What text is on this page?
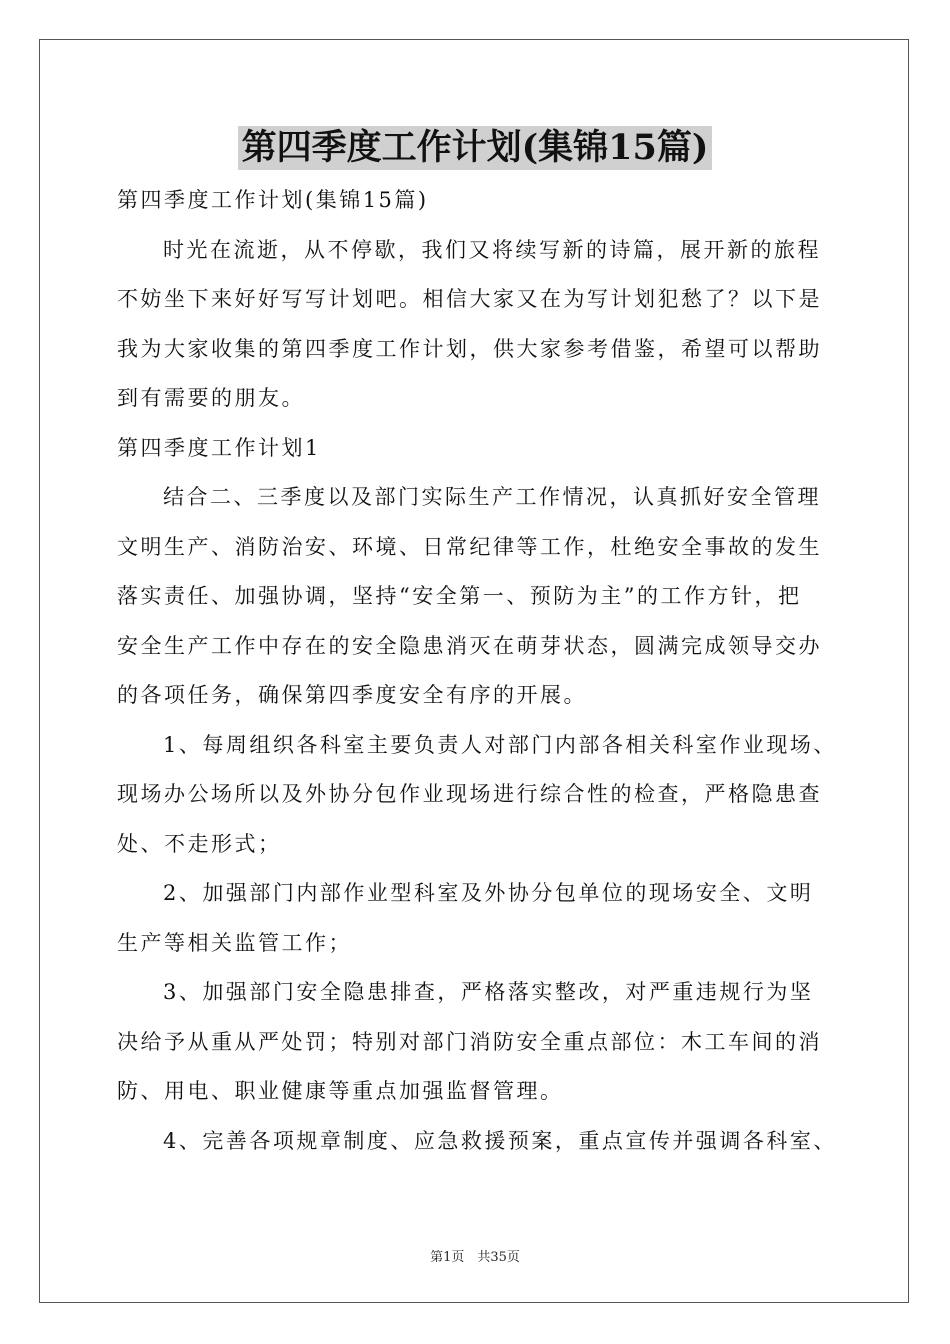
第四季度工作计划(集锦15篇)
第四季度工作计划(集锦15篇)
时光在流逝，从不停歇，我们又将续写新的诗篇，展开新的旅程
不妨坐下来好好写写计划吧。相信大家又在为写计划犯愁了？以下是
我为大家收集的第四季度工作计划，供大家参考借鉴，希望可以帮助
到有需要的朋友。
第四季度工作计划1
结合二、三季度以及部门实际生产工作情况，认真抓好安全管理
文明生产、消防治安、环境、日常纪律等工作，杜绝安全事故的发生
落实责任、加强协调，坚持“安全第一、预防为主”的工作方针，把
安全生产工作中存在的安全隐患消灭在萌芽状态，圆满完成领导交办
的各项任务，确保第四季度安全有序的开展。
1、每周组织各科室主要负责人对部门内部各相关科室作业现场、
现场办公场所以及外协分包作业现场进行综合性的检查，严格隐患查
处、不走形式；
2、加强部门内部作业型科室及外协分包单位的现场安全、文明
生产等相关监管工作；
3、加强部门安全隐患排查，严格落实整改，对严重违规行为坚
决给予从重从严处罚；特别对部门消防安全重点部位：木工车间的消
防、用电、职业健康等重点加强监督管理。
4、完善各项规章制度、应急救援预案，重点宣传并强调各科室、
第1页　共35页
